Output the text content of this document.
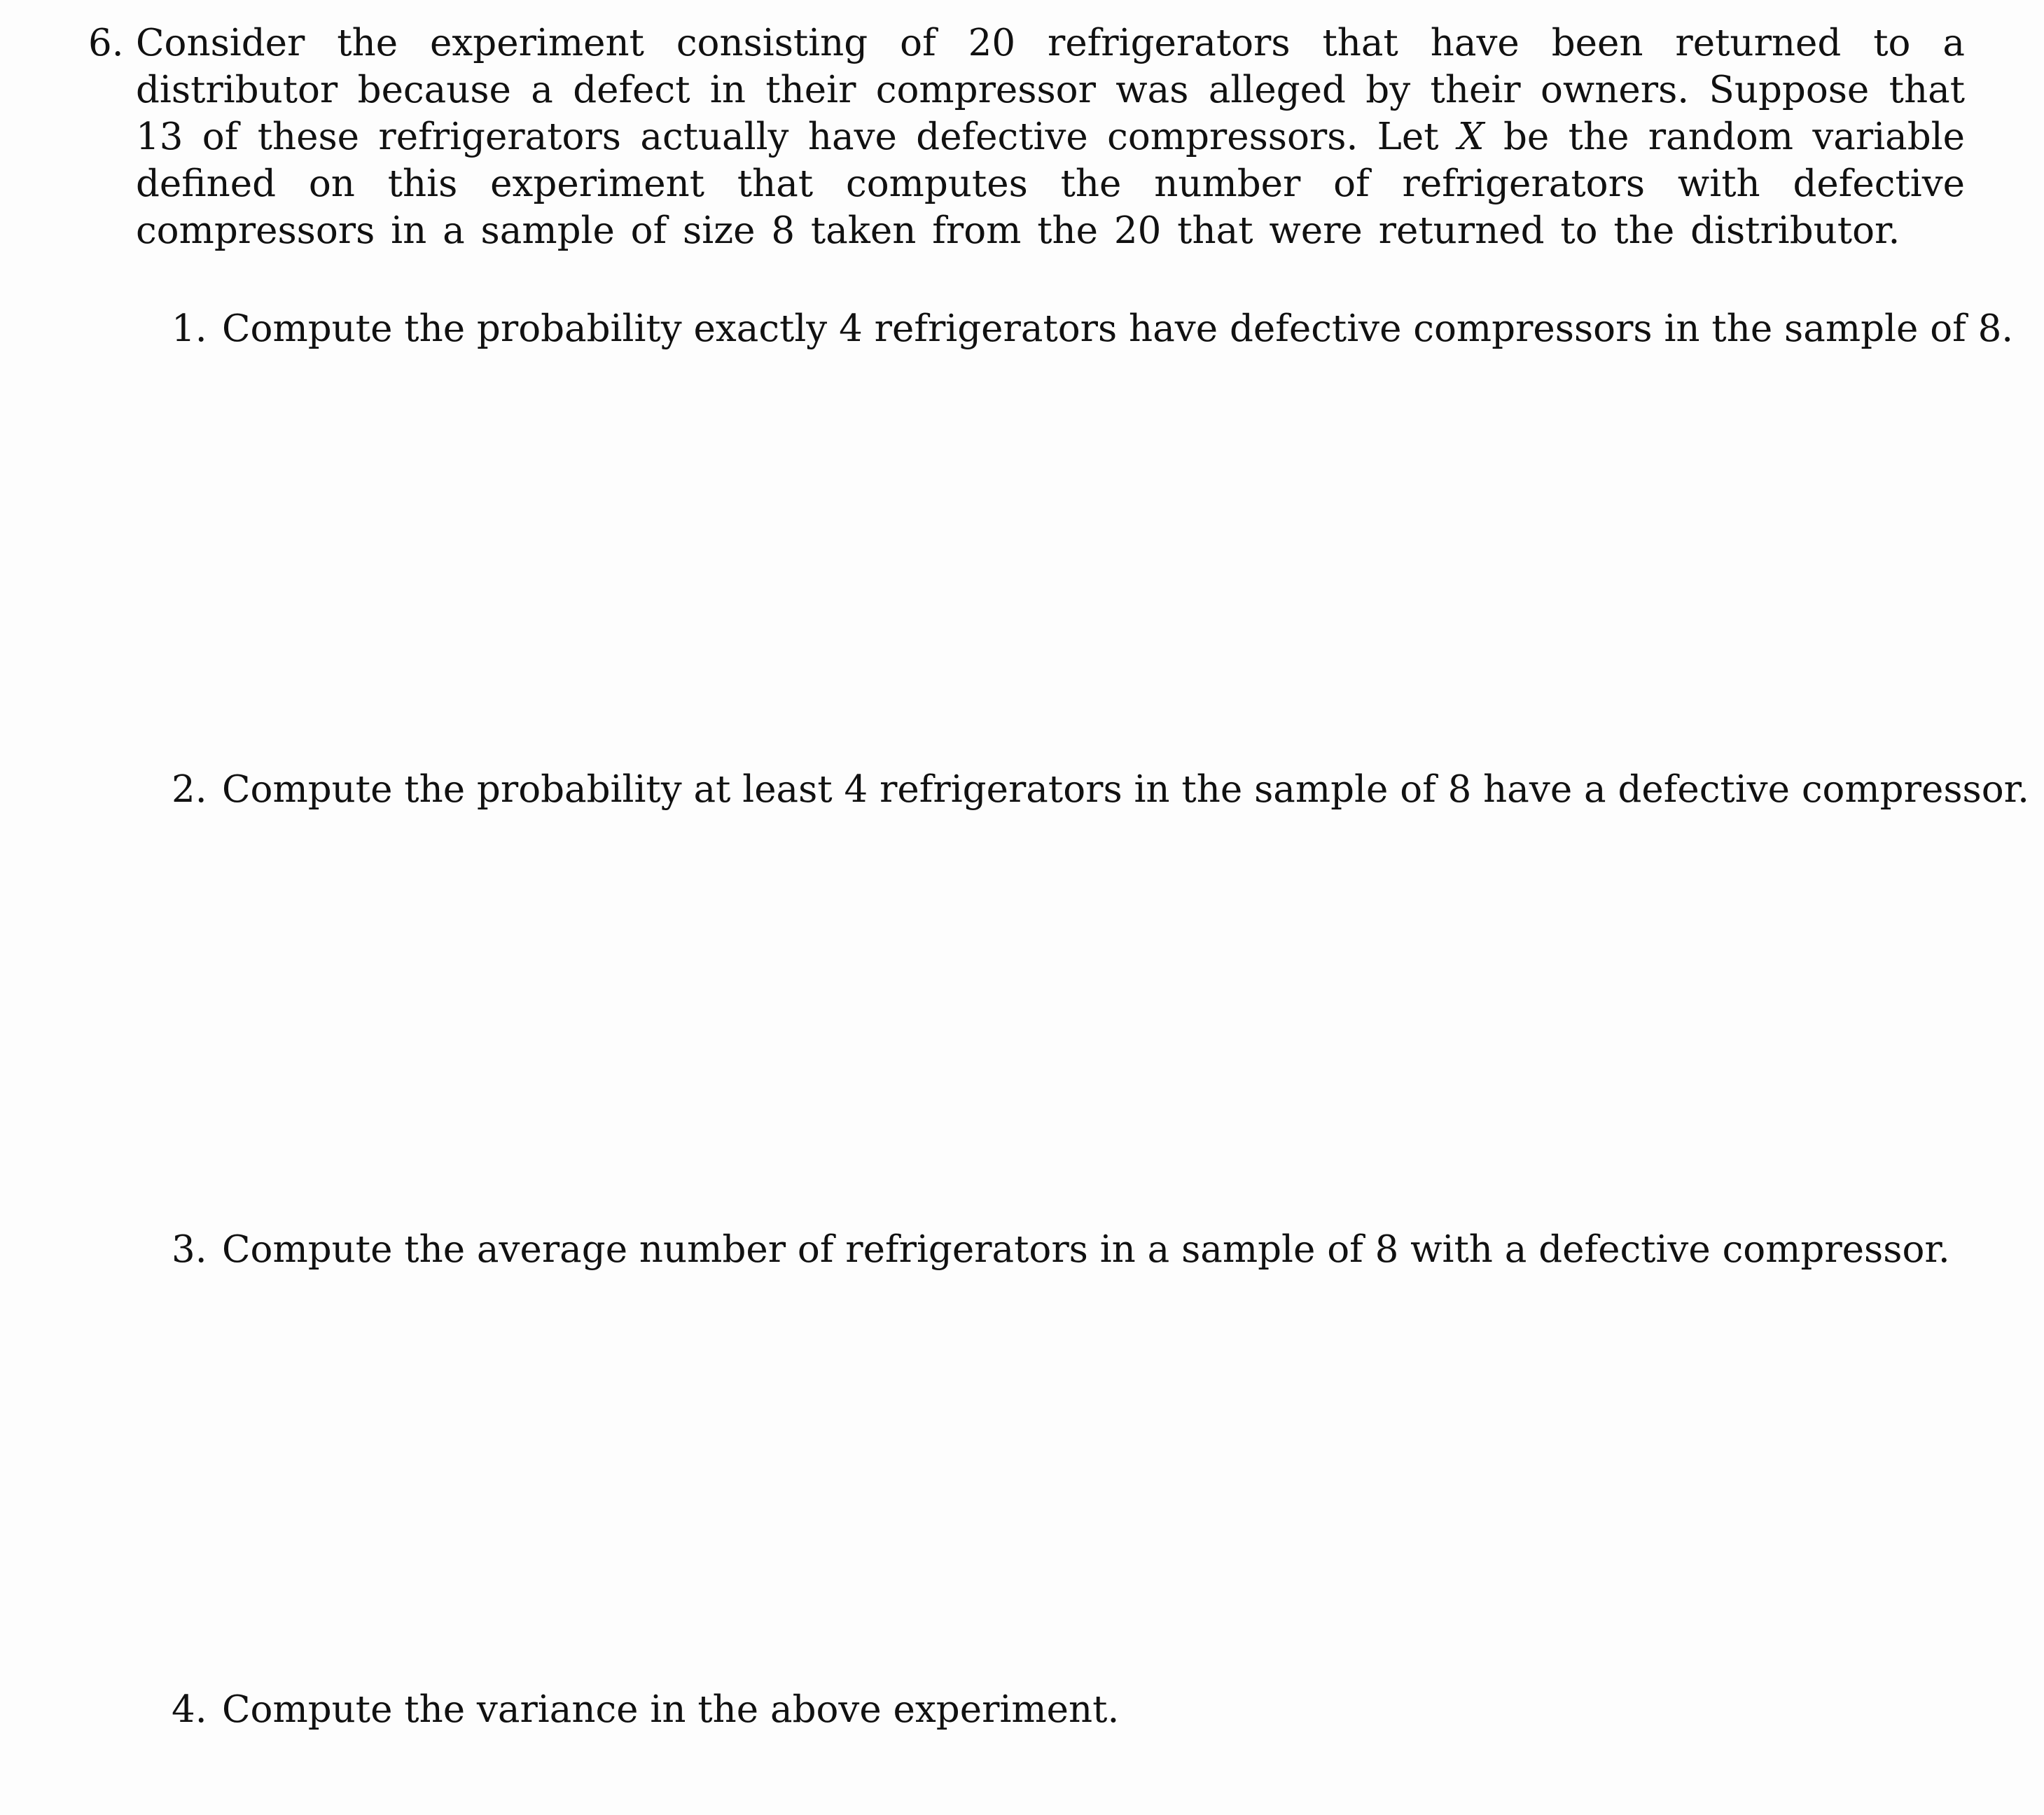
6. Consider the experiment consisting of 20 refrigerators that have been returned to a distributor because a defect in their compressor was alleged by their owners. Suppose that 13 of these refrigerators actually have defective compressors. Let X be the random variable defined on this experiment that computes the number of refrigerators with defective compressors in a sample of size 8 taken from the 20 that were returned to the distributor.
1. Compute the probability exactly 4 refrigerators have defective compressors in the sample of 8.
2. Compute the probability at least 4 refrigerators in the sample of 8 have a defective compressor.
3. Compute the average number of refrigerators in a sample of 8 with a defective compressor.
4. Compute the variance in the above experiment.
